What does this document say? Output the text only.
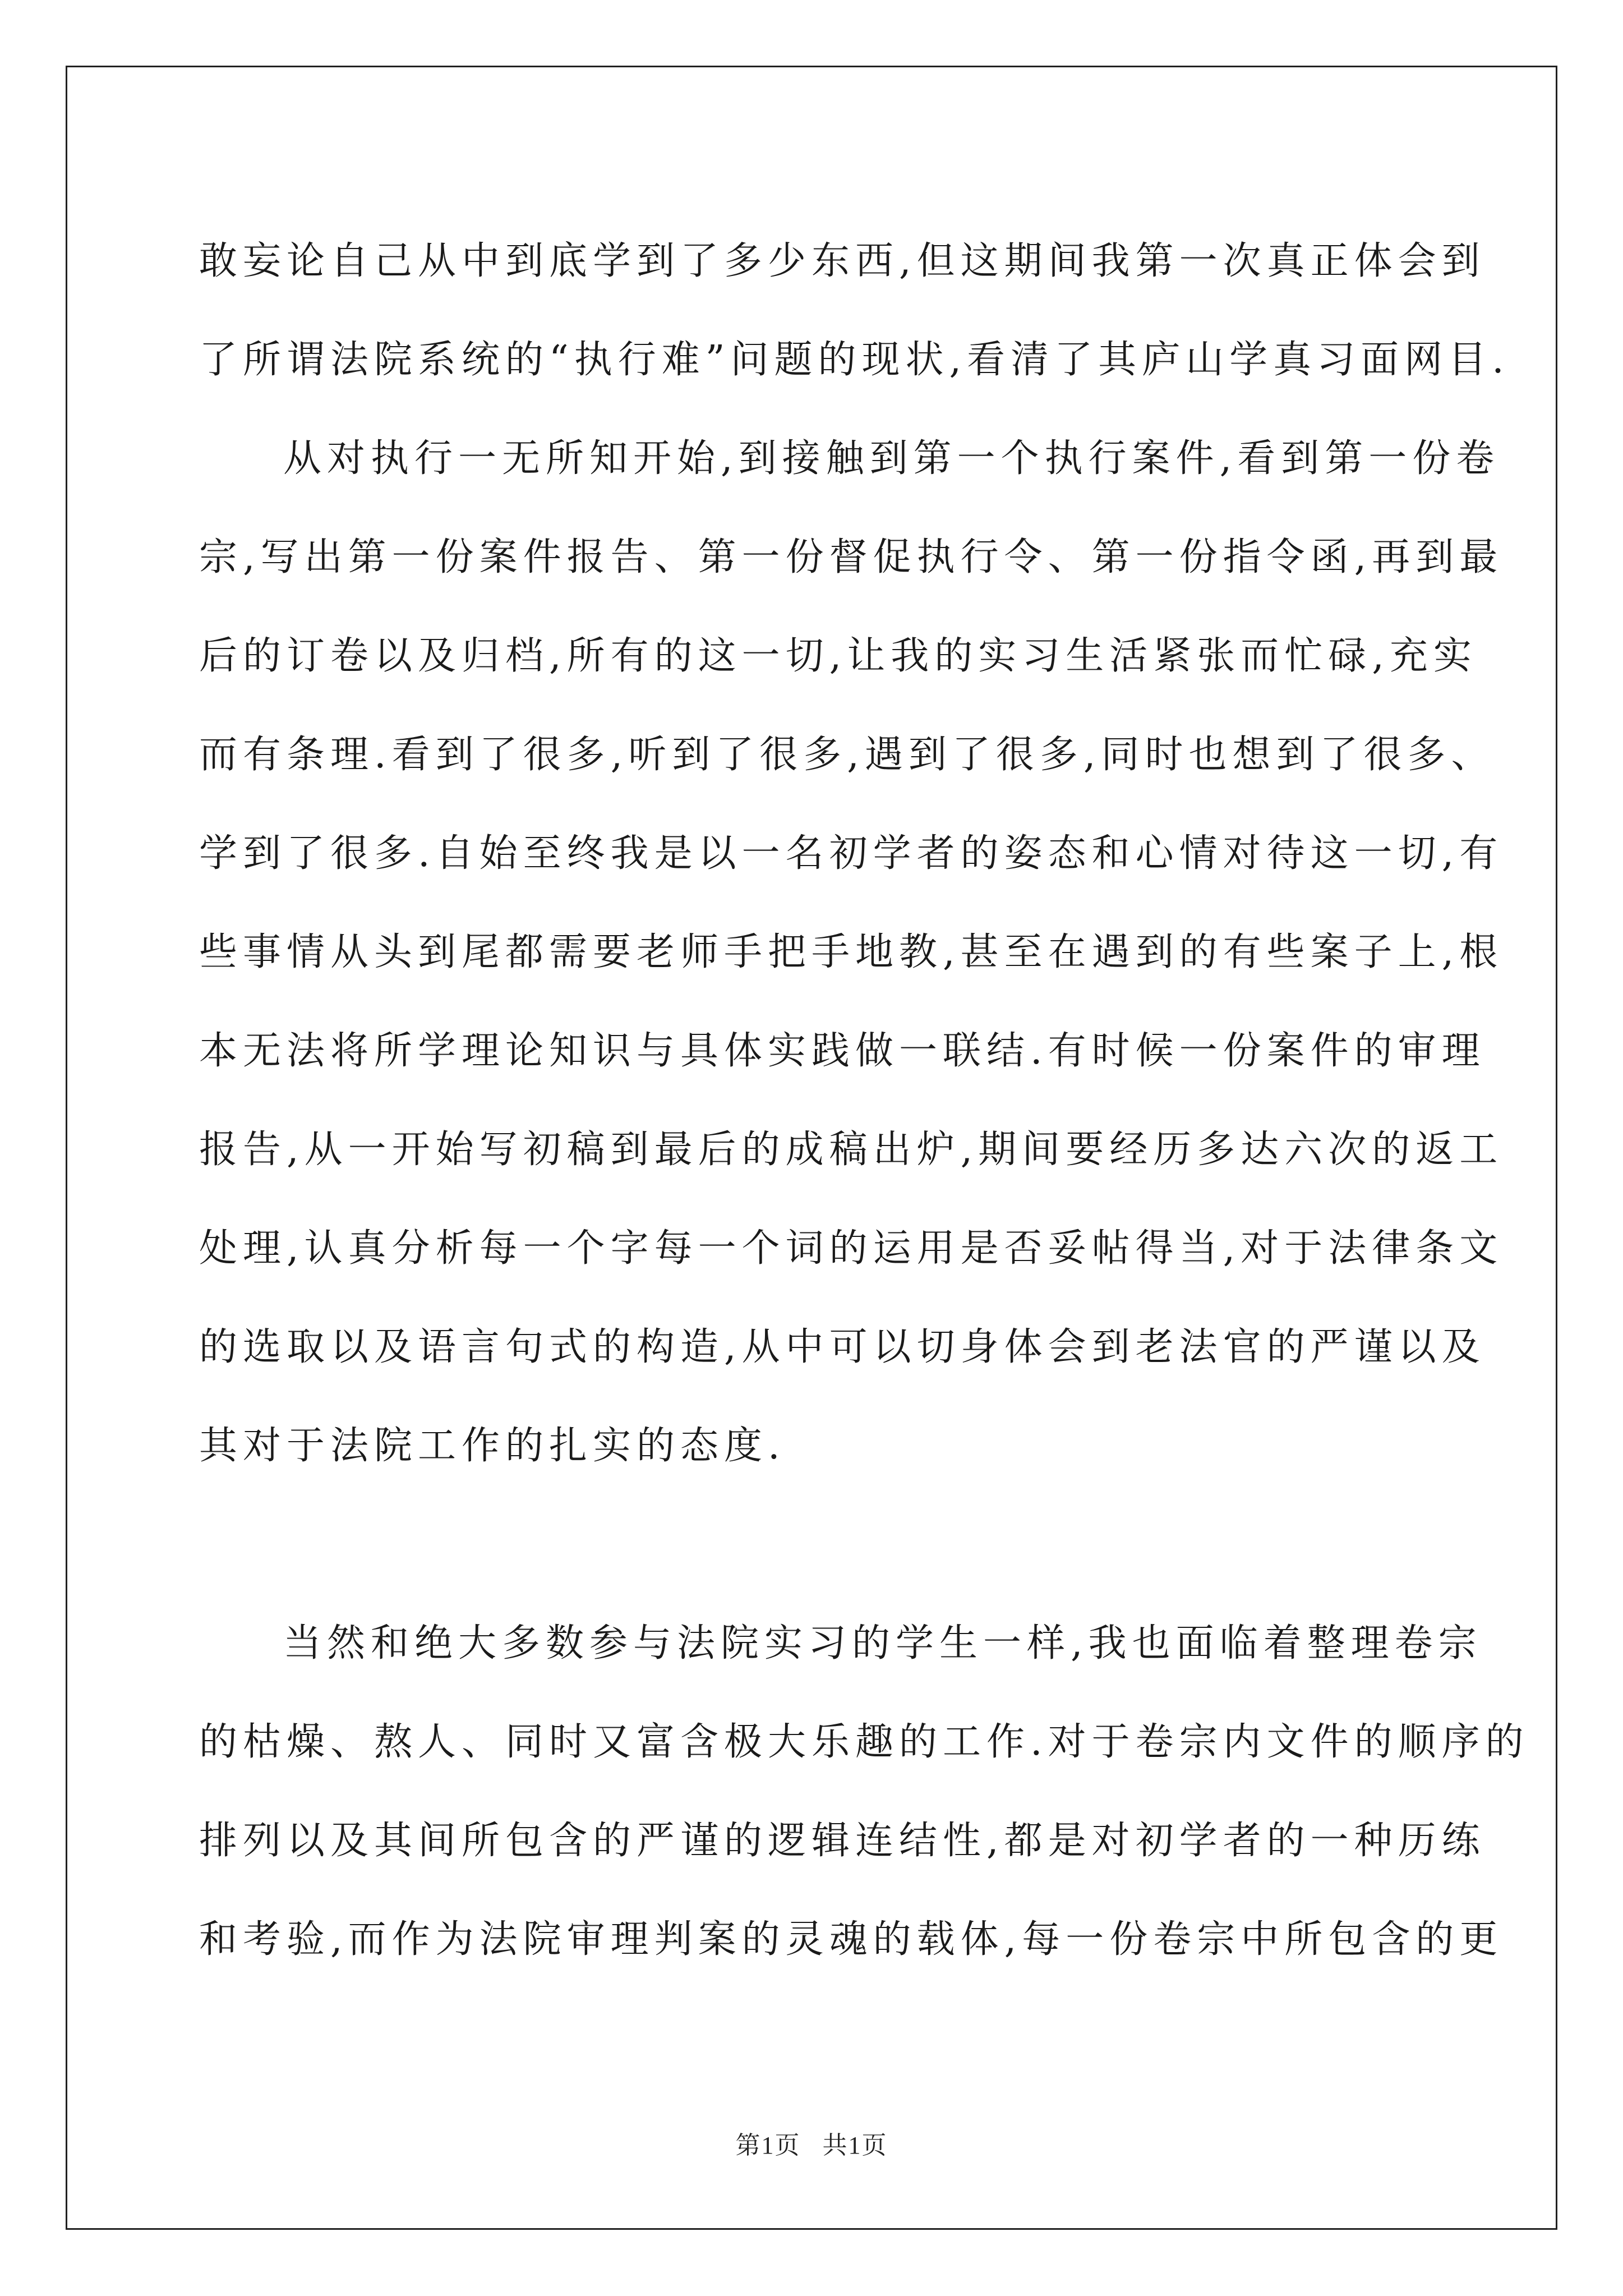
敢妄论自己从中到底学到了多少东西,但这期间我第一次真正体会到
了所谓法院系统的“执行难”问题的现状,看清了其庐山学真习面网目.
从对执行一无所知开始,到接触到第一个执行案件,看到第一份卷
宗,写出第一份案件报告、第一份督促执行令、第一份指令函,再到最
后的订卷以及归档,所有的这一切,让我的实习生活紧张而忙碌,充实
而有条理.看到了很多,听到了很多,遇到了很多,同时也想到了很多、
学到了很多.自始至终我是以一名初学者的姿态和心情对待这一切,有
些事情从头到尾都需要老师手把手地教,甚至在遇到的有些案子上,根
本无法将所学理论知识与具体实践做一联结.有时候一份案件的审理
报告,从一开始写初稿到最后的成稿出炉,期间要经历多达六次的返工
处理,认真分析每一个字每一个词的运用是否妥帖得当,对于法律条文
的选取以及语言句式的构造,从中可以切身体会到老法官的严谨以及
其对于法院工作的扎实的态度.
当然和绝大多数参与法院实习的学生一样,我也面临着整理卷宗
的枯燥、熬人、同时又富含极大乐趣的工作.对于卷宗内文件的顺序的
排列以及其间所包含的严谨的逻辑连结性,都是对初学者的一种历练
和考验,而作为法院审理判案的灵魂的载体,每一份卷宗中所包含的更
第1页 共1页
